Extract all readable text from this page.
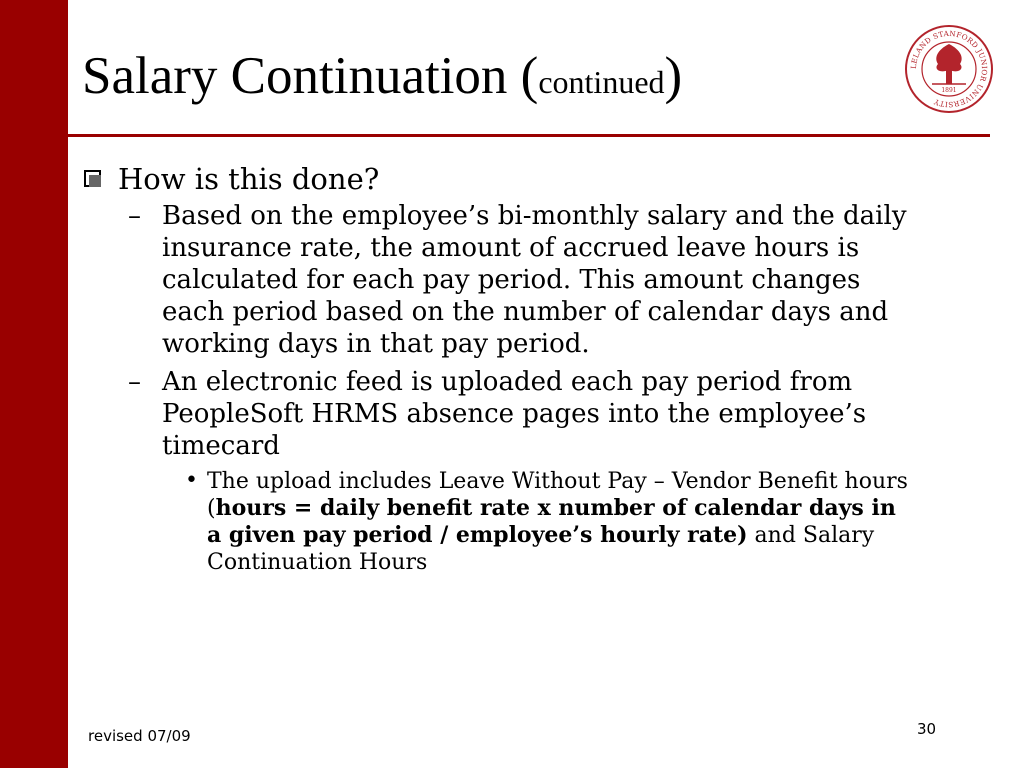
Salary Continuation (continued)	LELAND STANFORD JUNIOR UNIVERSITY
1891
How is this done?
– Based on the employee’s bi-monthly salary and the daily insurance rate, the amount of accrued leave hours is calculated for each pay period. This amount changes each period based on the number of calendar days and working days in that pay period.
– An electronic feed is uploaded each pay period from PeopleSoft HRMS absence pages into the employee’s timecard
• The upload includes Leave Without Pay – Vendor Benefit hours (hours = daily benefit rate x number of calendar days in a given pay period / employee’s hourly rate) and Salary Continuation Hours
revised 07/09	30
